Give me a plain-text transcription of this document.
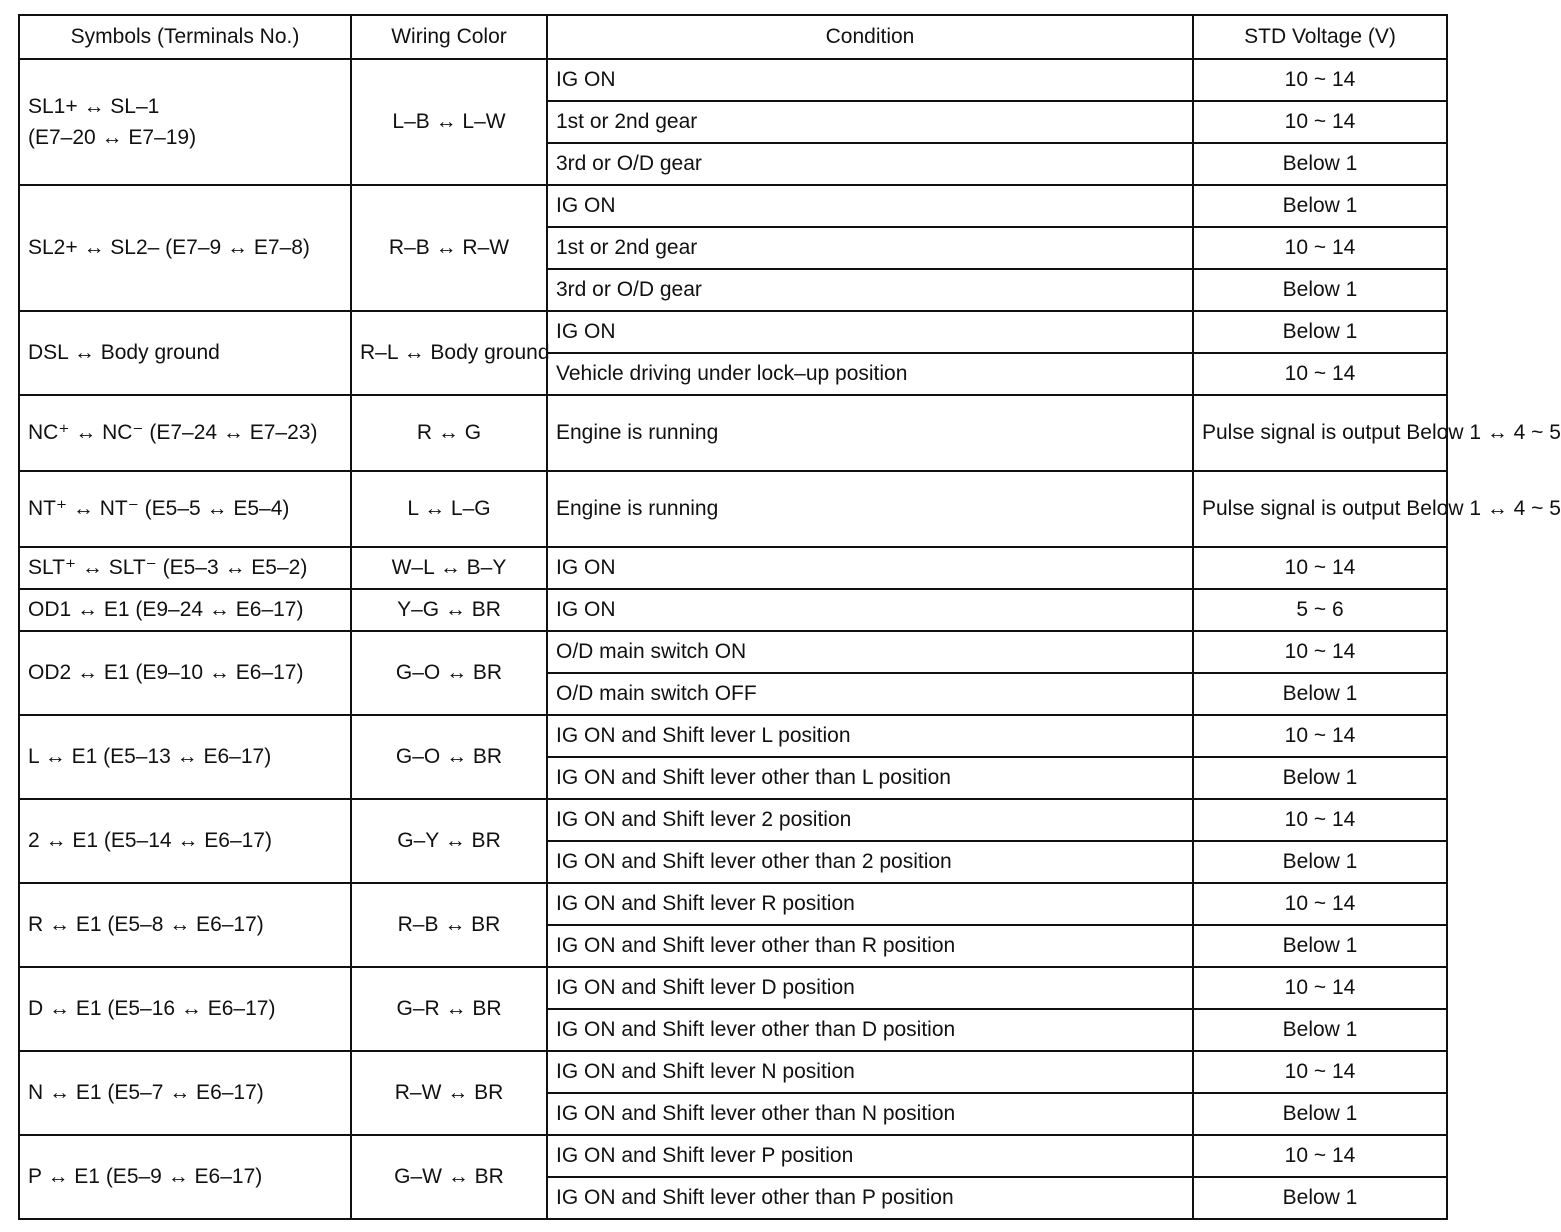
Symbols (Terminals No.)	Wiring Color	Condition	STD Voltage (V)
SL1+ ↔ SL–1
(E7–20 ↔ E7–19)	L–B ↔ L–W	IG ON	10 ~ 14
		1st or 2nd gear	10 ~ 14
		3rd or O/D gear	Below 1
SL2+ ↔ SL2– (E7–9 ↔ E7–8)	R–B ↔ R–W	IG ON	Below 1
		1st or 2nd gear	10 ~ 14
		3rd or O/D gear	Below 1
DSL ↔ Body ground	R–L ↔ Body ground	IG ON	Below 1
		Vehicle driving under lock–up position	10 ~ 14
NC⁺ ↔ NC⁻ (E7–24 ↔ E7–23)	R ↔ G	Engine is running	Pulse signal is output Below 1 ↔ 4 ~ 5
NT⁺ ↔ NT⁻ (E5–5 ↔ E5–4)	L ↔ L–G	Engine is running	Pulse signal is output Below 1 ↔ 4 ~ 5
SLT⁺ ↔ SLT⁻ (E5–3 ↔ E5–2)	W–L ↔ B–Y	IG ON	10 ~ 14
OD1 ↔ E1 (E9–24 ↔ E6–17)	Y–G ↔ BR	IG ON	5 ~ 6
OD2 ↔ E1 (E9–10 ↔ E6–17)	G–O ↔ BR	O/D main switch ON	10 ~ 14
		O/D main switch OFF	Below 1
L ↔ E1 (E5–13 ↔ E6–17)	G–O ↔ BR	IG ON and Shift lever L position	10 ~ 14
		IG ON and Shift lever other than L position	Below 1
2 ↔ E1 (E5–14 ↔ E6–17)	G–Y ↔ BR	IG ON and Shift lever 2 position	10 ~ 14
		IG ON and Shift lever other than 2 position	Below 1
R ↔ E1 (E5–8 ↔ E6–17)	R–B ↔ BR	IG ON and Shift lever R position	10 ~ 14
		IG ON and Shift lever other than R position	Below 1
D ↔ E1 (E5–16 ↔ E6–17)	G–R ↔ BR	IG ON and Shift lever D position	10 ~ 14
		IG ON and Shift lever other than D position	Below 1
N ↔ E1 (E5–7 ↔ E6–17)	R–W ↔ BR	IG ON and Shift lever N position	10 ~ 14
		IG ON and Shift lever other than N position	Below 1
P ↔ E1 (E5–9 ↔ E6–17)	G–W ↔ BR	IG ON and Shift lever P position	10 ~ 14
		IG ON and Shift lever other than P position	Below 1
